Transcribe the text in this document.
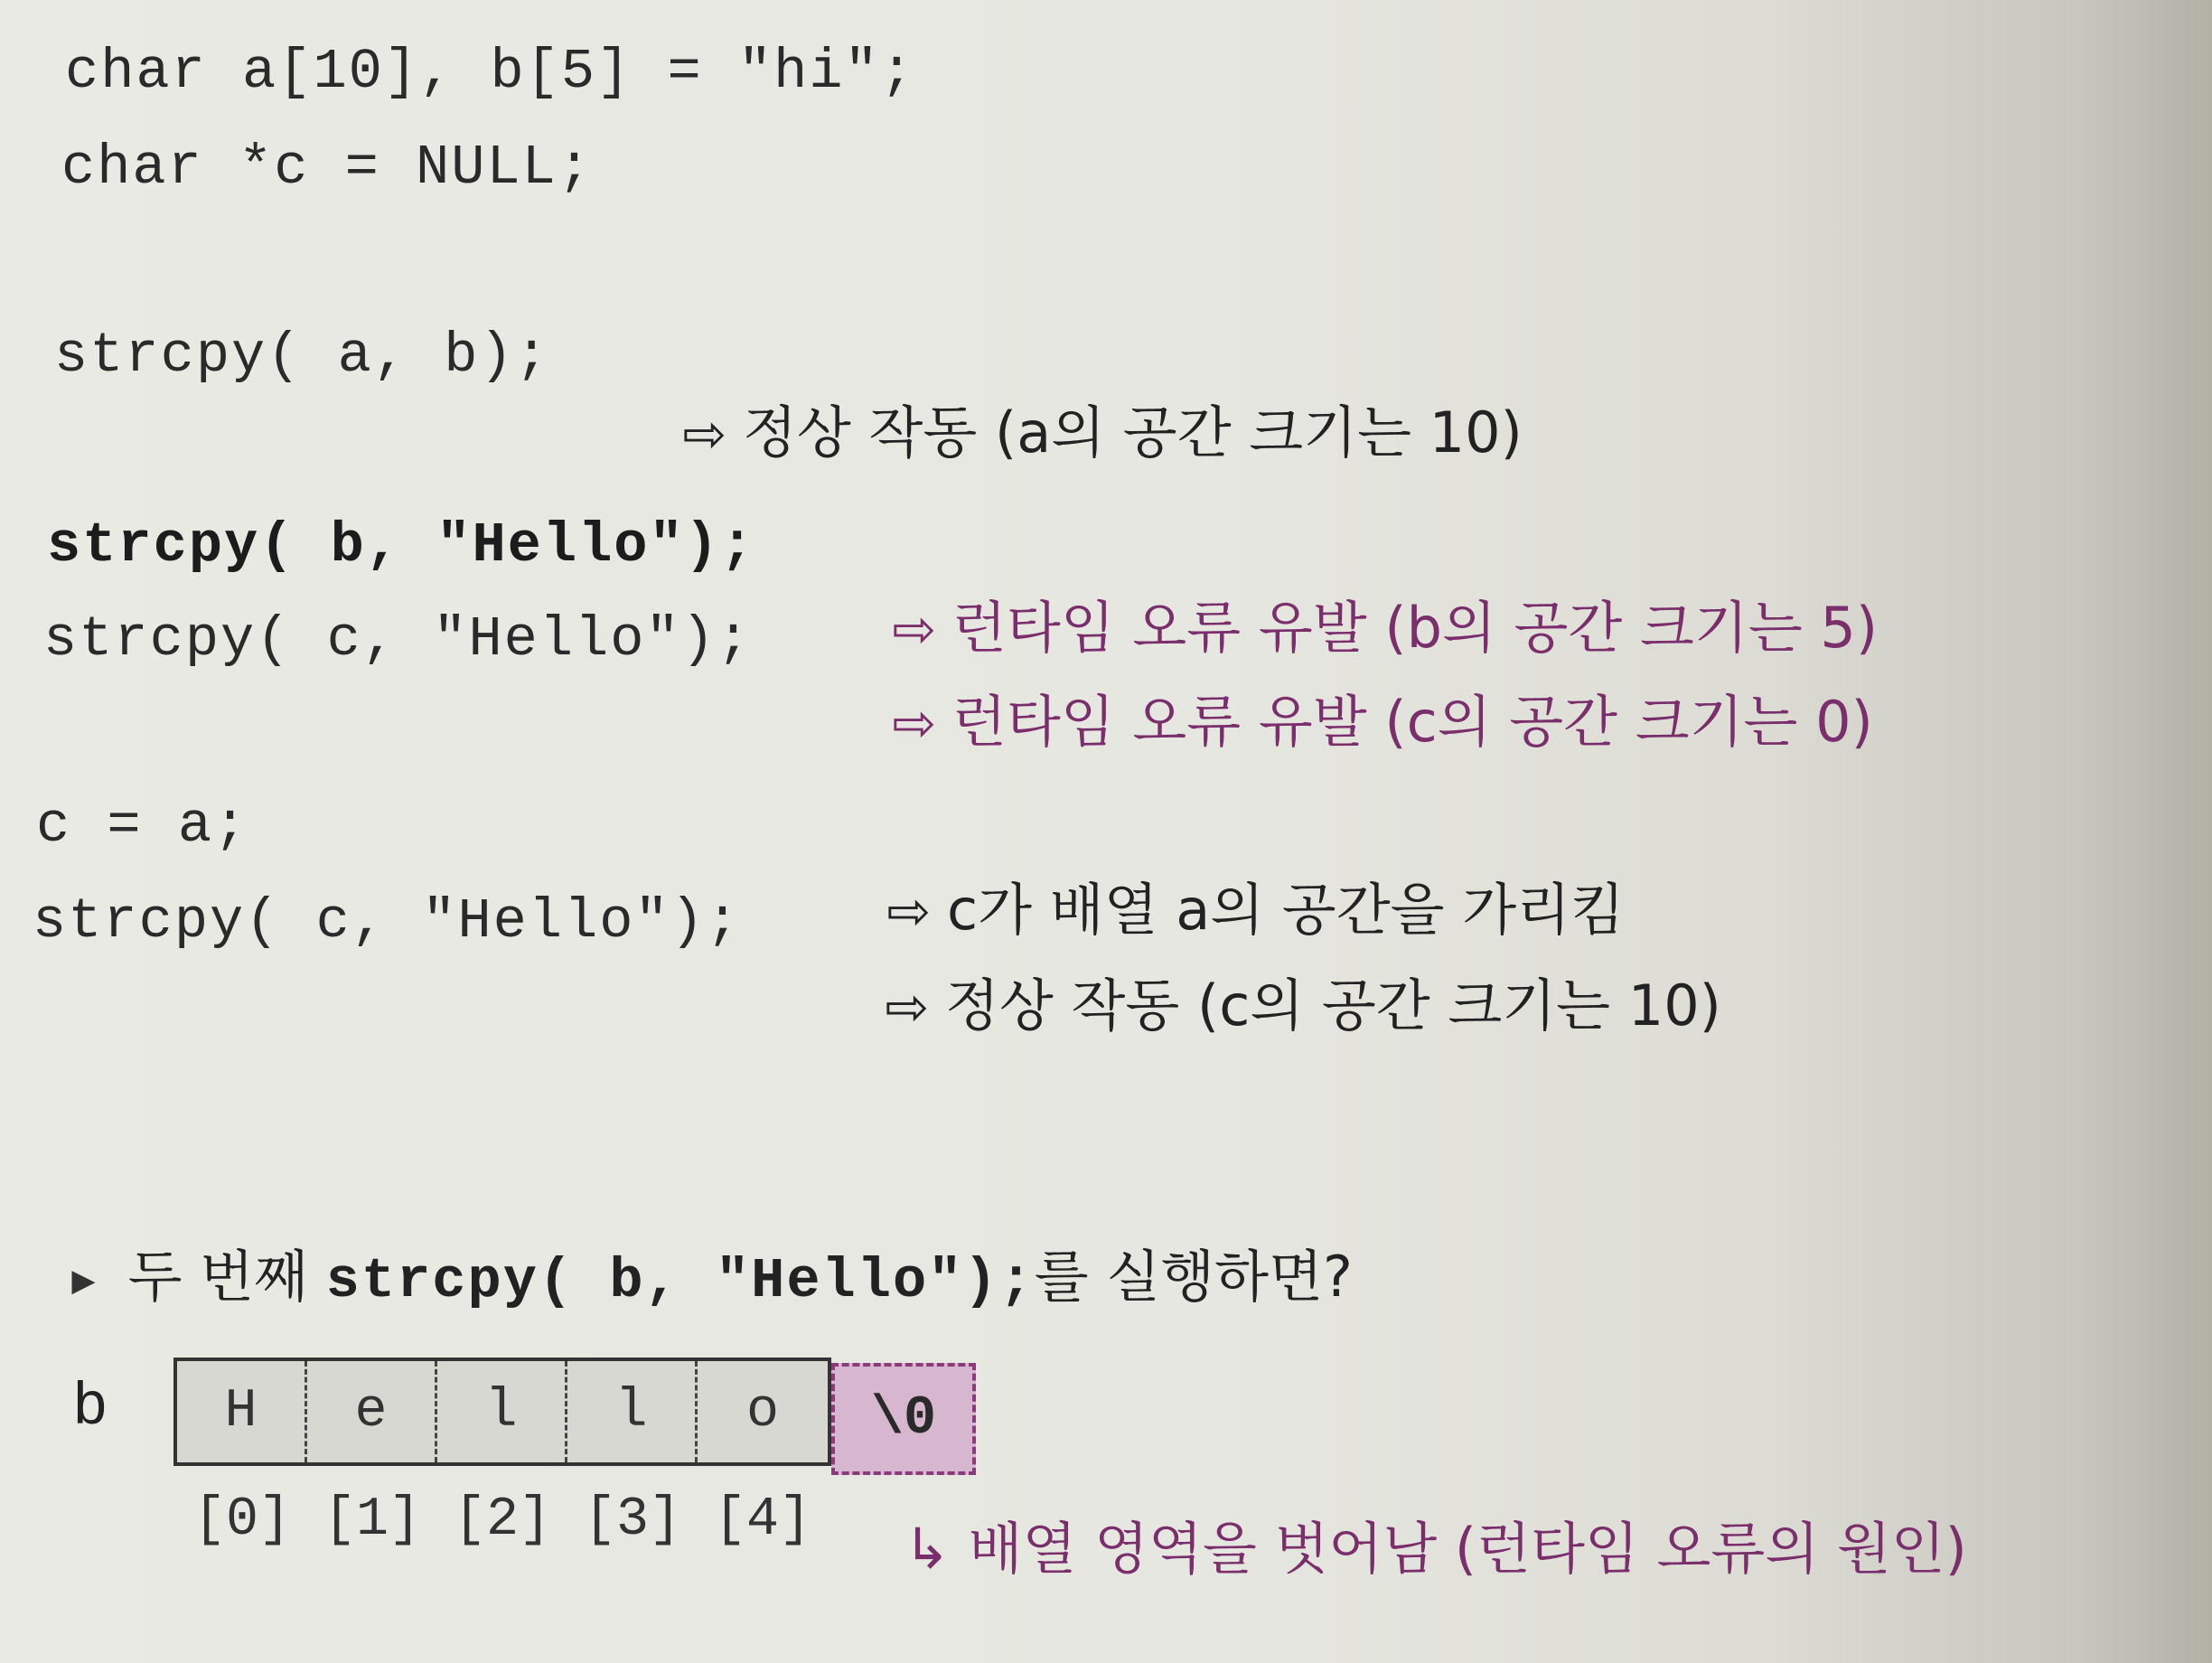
char a[10], b[5] = "hi";
char *c = NULL;
strcpy( a, b);

⇨ 정상 작동 (a의 공간 크기는 10)

strcpy( b, "Hello");

⇨ 런타임 오류 유발 (b의 공간 크기는 5)

strcpy( c, "Hello");

⇨ 런타임 오류 유발 (c의 공간 크기는 0)

c = a;

⇨ c가 배열 a의 공간을 가리킴

strcpy( c, "Hello");

⇨ 정상 작동 (c의 공간 크기는 10)

▶ 두 번째 strcpy( b, "Hello");를 실행하면?

b	H	e	l	l	o	\0
[0] [1] [2] [3] [4] ↳ 배열 영역을 벗어남 (런타임 오류의 원인)
